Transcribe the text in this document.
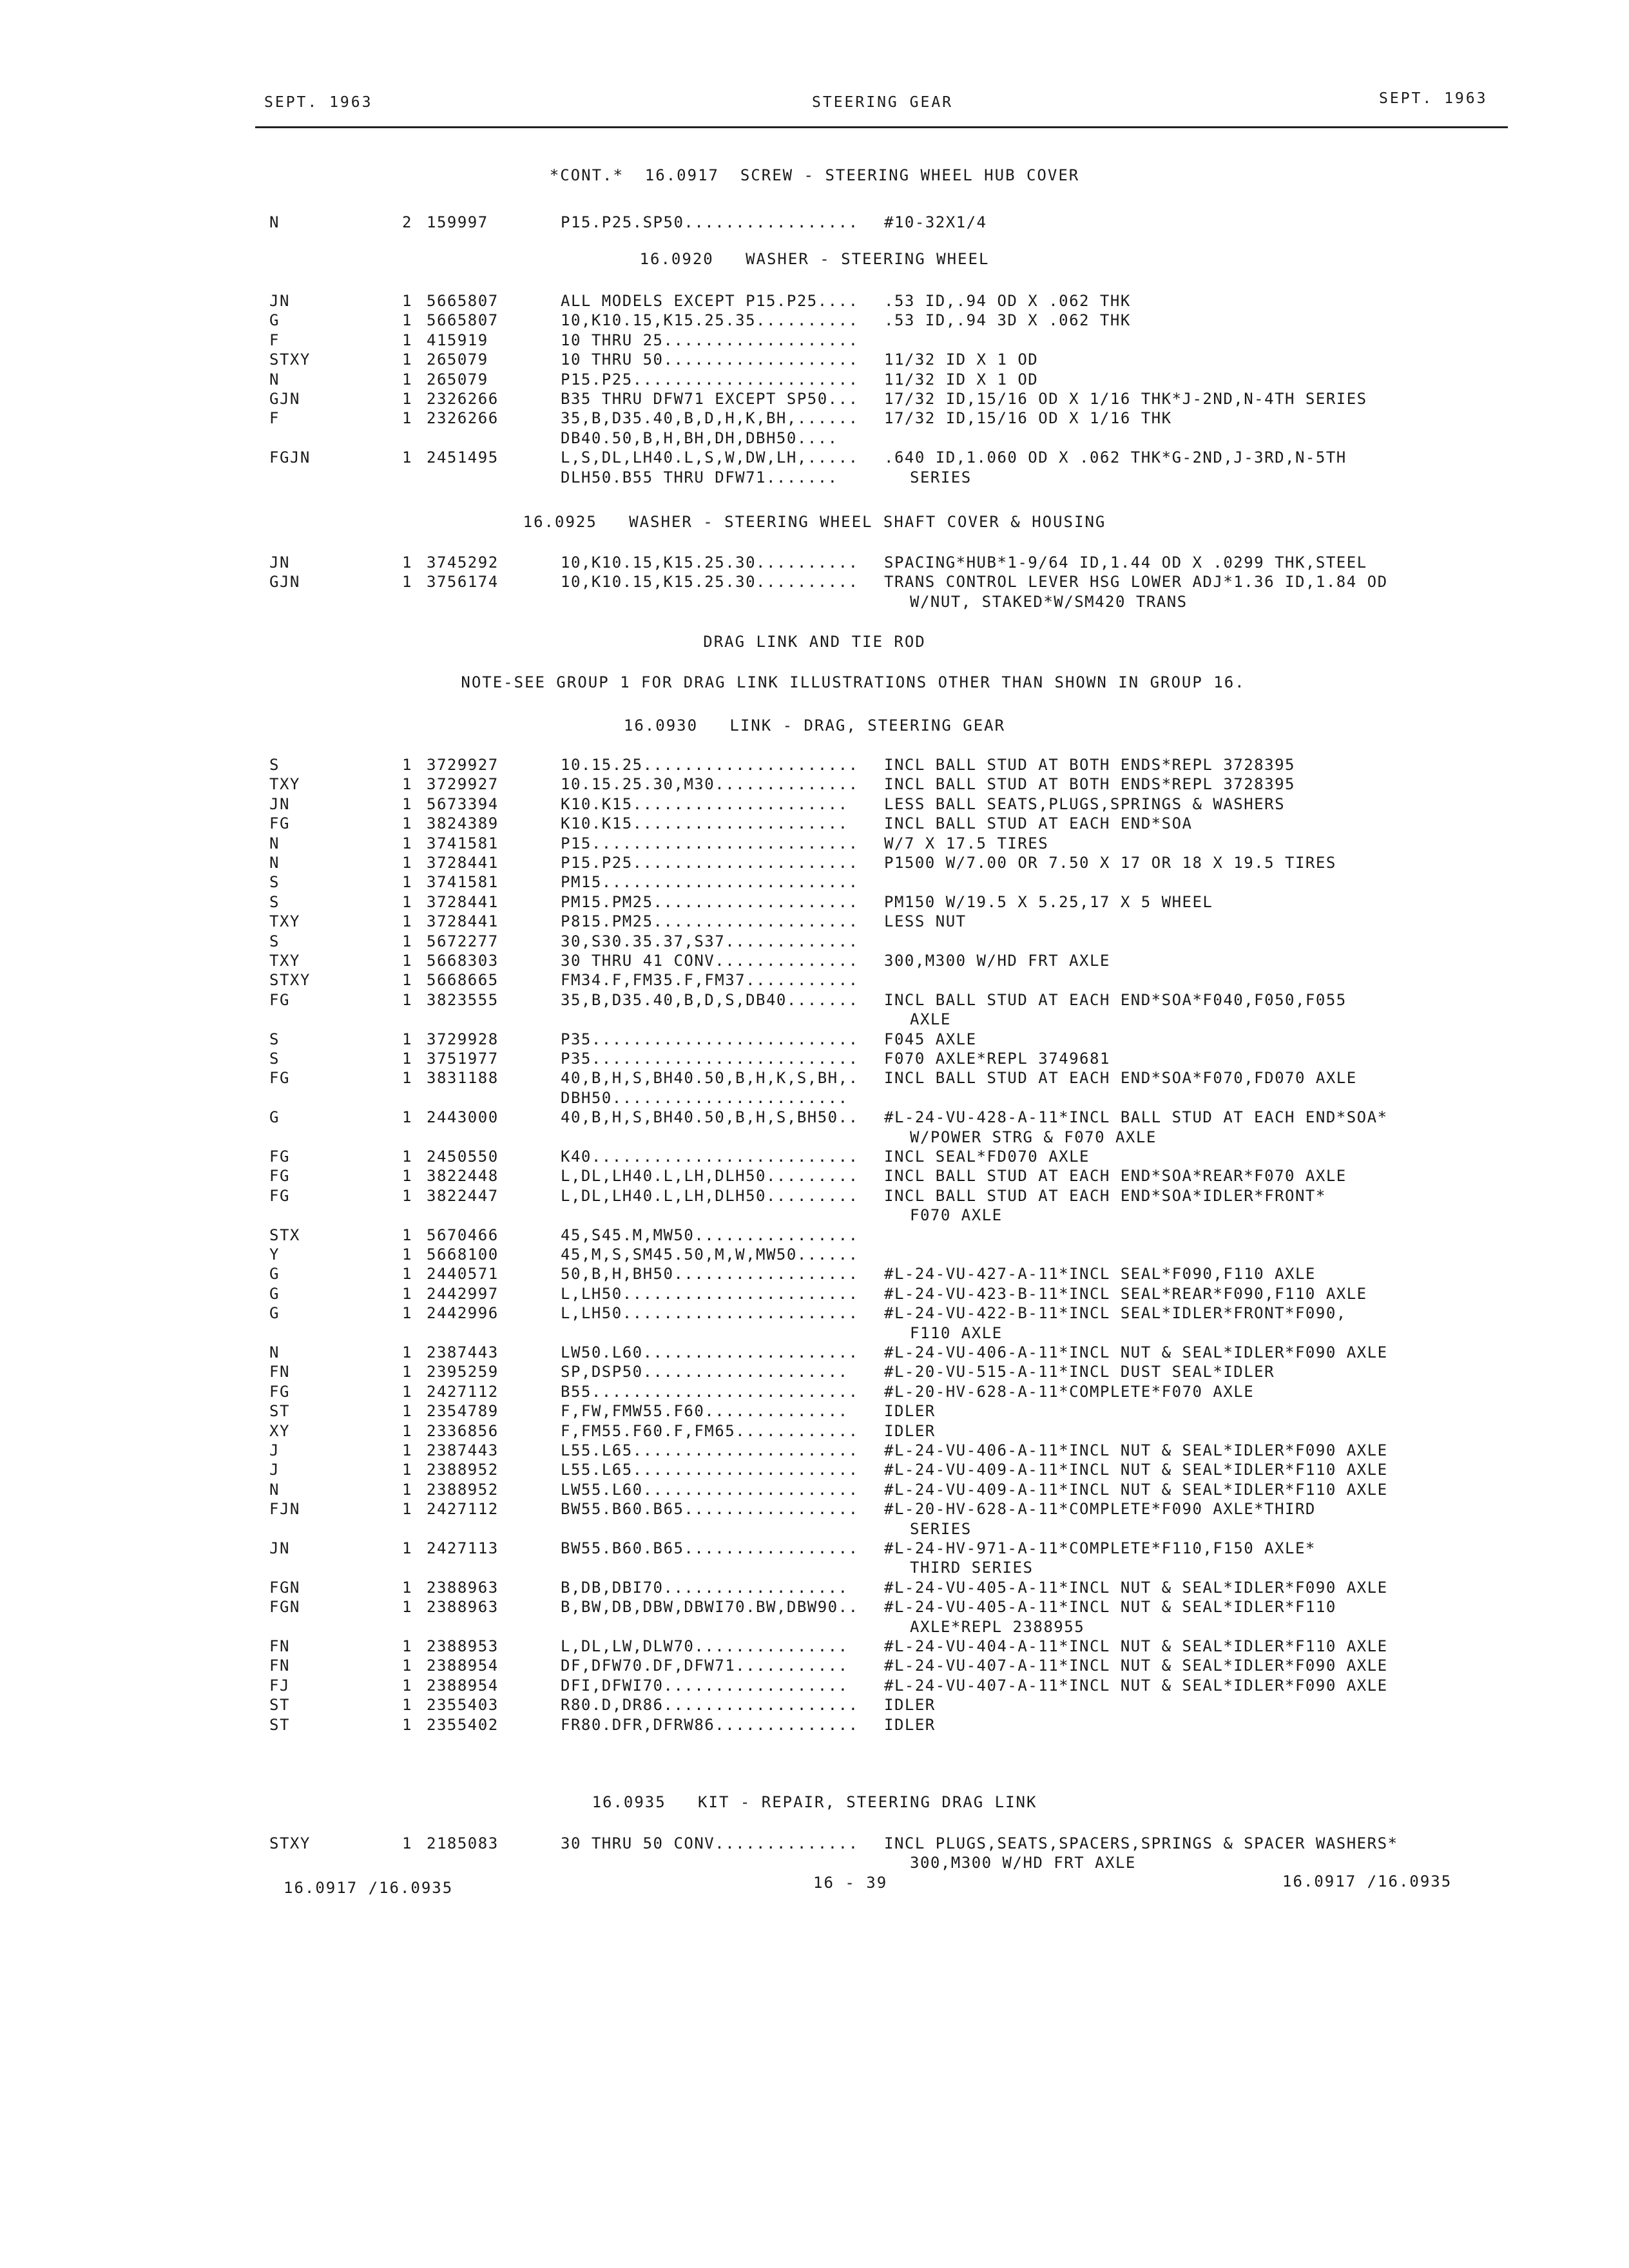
SEPT. 1963	STEERING GEAR	SEPT. 1963
*CONT.*  16.0917  SCREW - STEERING WHEEL HUB COVER
N	2 159997	P15.P25.SP50................. #10-32X1/4
16.0920   WASHER - STEERING WHEEL
JN	1 5665807	ALL MODELS EXCEPT P15.P25.... .53 ID,.94 OD X .062 THK
G	1 5665807	10,K10.15,K15.25.35.......... .53 ID,.94 3D X .062 THK
F	1 415919	10 THRU 25...................
STXY	1 265079	10 THRU 50................... 11/32 ID X 1 OD
N	1 265079	P15.P25...................... 11/32 ID X 1 OD
GJN	1 2326266	B35 THRU DFW71 EXCEPT SP50... 17/32 ID,15/16 OD X 1/16 THK*J-2ND,N-4TH SERIES
F	1 2326266	35,B,D35.40,B,D,H,K,BH,...... 17/32 ID,15/16 OD X 1/16 THK
DB40.50,B,H,BH,DH,DBH50....
FGJN	1 2451495	L,S,DL,LH40.L,S,W,DW,LH,..... .640 ID,1.060 OD X .062 THK*G-2ND,J-3RD,N-5TH
DLH50.B55 THRU DFW71.......	SERIES
16.0925   WASHER - STEERING WHEEL SHAFT COVER & HOUSING
JN	1 3745292	10,K10.15,K15.25.30.......... SPACING*HUB*1-9/64 ID,1.44 OD X .0299 THK,STEEL
GJN	1 3756174	10,K10.15,K15.25.30.......... TRANS CONTROL LEVER HSG LOWER ADJ*1.36 ID,1.84 OD
W/NUT, STAKED*W/SM420 TRANS
DRAG LINK AND TIE ROD
NOTE-SEE GROUP 1 FOR DRAG LINK ILLUSTRATIONS OTHER THAN SHOWN IN GROUP 16.
16.0930   LINK - DRAG, STEERING GEAR
S	1 3729927	10.15.25..................... INCL BALL STUD AT BOTH ENDS*REPL 3728395
TXY	1 3729927	10.15.25.30,M30.............. INCL BALL STUD AT BOTH ENDS*REPL 3728395
JN	1 5673394	K10.K15..................... LESS BALL SEATS,PLUGS,SPRINGS & WASHERS
FG	1 3824389	K10.K15..................... INCL BALL STUD AT EACH END*SOA
N	1 3741581	P15.......................... W/7 X 17.5 TIRES
N	1 3728441	P15.P25...................... P1500 W/7.00 OR 7.50 X 17 OR 18 X 19.5 TIRES
S	1 3741581	PM15.........................
S	1 3728441	PM15.PM25.................... PM150 W/19.5 X 5.25,17 X 5 WHEEL
TXY	1 3728441	P815.PM25.................... LESS NUT
S	1 5672277	30,S30.35.37,S37.............
TXY	1 5668303	30 THRU 41 CONV.............. 300,M300 W/HD FRT AXLE
STXY	1 5668665	FM34.F,FM35.F,FM37...........
FG	1 3823555	35,B,D35.40,B,D,S,DB40....... INCL BALL STUD AT EACH END*SOA*F040,F050,F055
AXLE
S	1 3729928	P35.......................... F045 AXLE
S	1 3751977	P35.......................... F070 AXLE*REPL 3749681
FG	1 3831188	40,B,H,S,BH40.50,B,H,K,S,BH,. INCL BALL STUD AT EACH END*SOA*F070,FD070 AXLE
DBH50.......................
G	1 2443000	40,B,H,S,BH40.50,B,H,S,BH50.. #L-24-VU-428-A-11*INCL BALL STUD AT EACH END*SOA*
W/POWER STRG & F070 AXLE
FG	1 2450550	K40.......................... INCL SEAL*FD070 AXLE
FG	1 3822448	L,DL,LH40.L,LH,DLH50......... INCL BALL STUD AT EACH END*SOA*REAR*F070 AXLE
FG	1 3822447	L,DL,LH40.L,LH,DLH50......... INCL BALL STUD AT EACH END*SOA*IDLER*FRONT*
F070 AXLE
STX	1 5670466	45,S45.M,MW50................
Y	1 5668100	45,M,S,SM45.50,M,W,MW50......
G	1 2440571	50,B,H,BH50.................. #L-24-VU-427-A-11*INCL SEAL*F090,F110 AXLE
G	1 2442997	L,LH50....................... #L-24-VU-423-B-11*INCL SEAL*REAR*F090,F110 AXLE
G	1 2442996	L,LH50....................... #L-24-VU-422-B-11*INCL SEAL*IDLER*FRONT*F090,
F110 AXLE
N	1 2387443	LW50.L60..................... #L-24-VU-406-A-11*INCL NUT & SEAL*IDLER*F090 AXLE
FN	1 2395259	SP,DSP50.................... #L-20-VU-515-A-11*INCL DUST SEAL*IDLER
FG	1 2427112	B55.......................... #L-20-HV-628-A-11*COMPLETE*F070 AXLE
ST	1 2354789	F,FW,FMW55.F60.............. IDLER
XY	1 2336856	F,FM55.F60.F,FM65............ IDLER
J	1 2387443	L55.L65...................... #L-24-VU-406-A-11*INCL NUT & SEAL*IDLER*F090 AXLE
J	1 2388952	L55.L65...................... #L-24-VU-409-A-11*INCL NUT & SEAL*IDLER*F110 AXLE
N	1 2388952	LW55.L60..................... #L-24-VU-409-A-11*INCL NUT & SEAL*IDLER*F110 AXLE
FJN	1 2427112	BW55.B60.B65................. #L-20-HV-628-A-11*COMPLETE*F090 AXLE*THIRD
SERIES
JN	1 2427113	BW55.B60.B65................. #L-24-HV-971-A-11*COMPLETE*F110,F150 AXLE*
THIRD SERIES
FGN	1 2388963	B,DB,DBI70.................. #L-24-VU-405-A-11*INCL NUT & SEAL*IDLER*F090 AXLE
FGN	1 2388963	B,BW,DB,DBW,DBWI70.BW,DBW90.. #L-24-VU-405-A-11*INCL NUT & SEAL*IDLER*F110
AXLE*REPL 2388955
FN	1 2388953	L,DL,LW,DLW70............... #L-24-VU-404-A-11*INCL NUT & SEAL*IDLER*F110 AXLE
FN	1 2388954	DF,DFW70.DF,DFW71........... #L-24-VU-407-A-11*INCL NUT & SEAL*IDLER*F090 AXLE
FJ	1 2388954	DFI,DFWI70.................. #L-24-VU-407-A-11*INCL NUT & SEAL*IDLER*F090 AXLE
ST	1 2355403	R80.D,DR86................... IDLER
ST	1 2355402	FR80.DFR,DFRW86.............. IDLER
16.0935   KIT - REPAIR, STEERING DRAG LINK
STXY	1 2185083	30 THRU 50 CONV.............. INCL PLUGS,SEATS,SPACERS,SPRINGS & SPACER WASHERS*
300,M300 W/HD FRT AXLE
16.0917 /16.0935	16 - 39	16.0917 /16.0935
